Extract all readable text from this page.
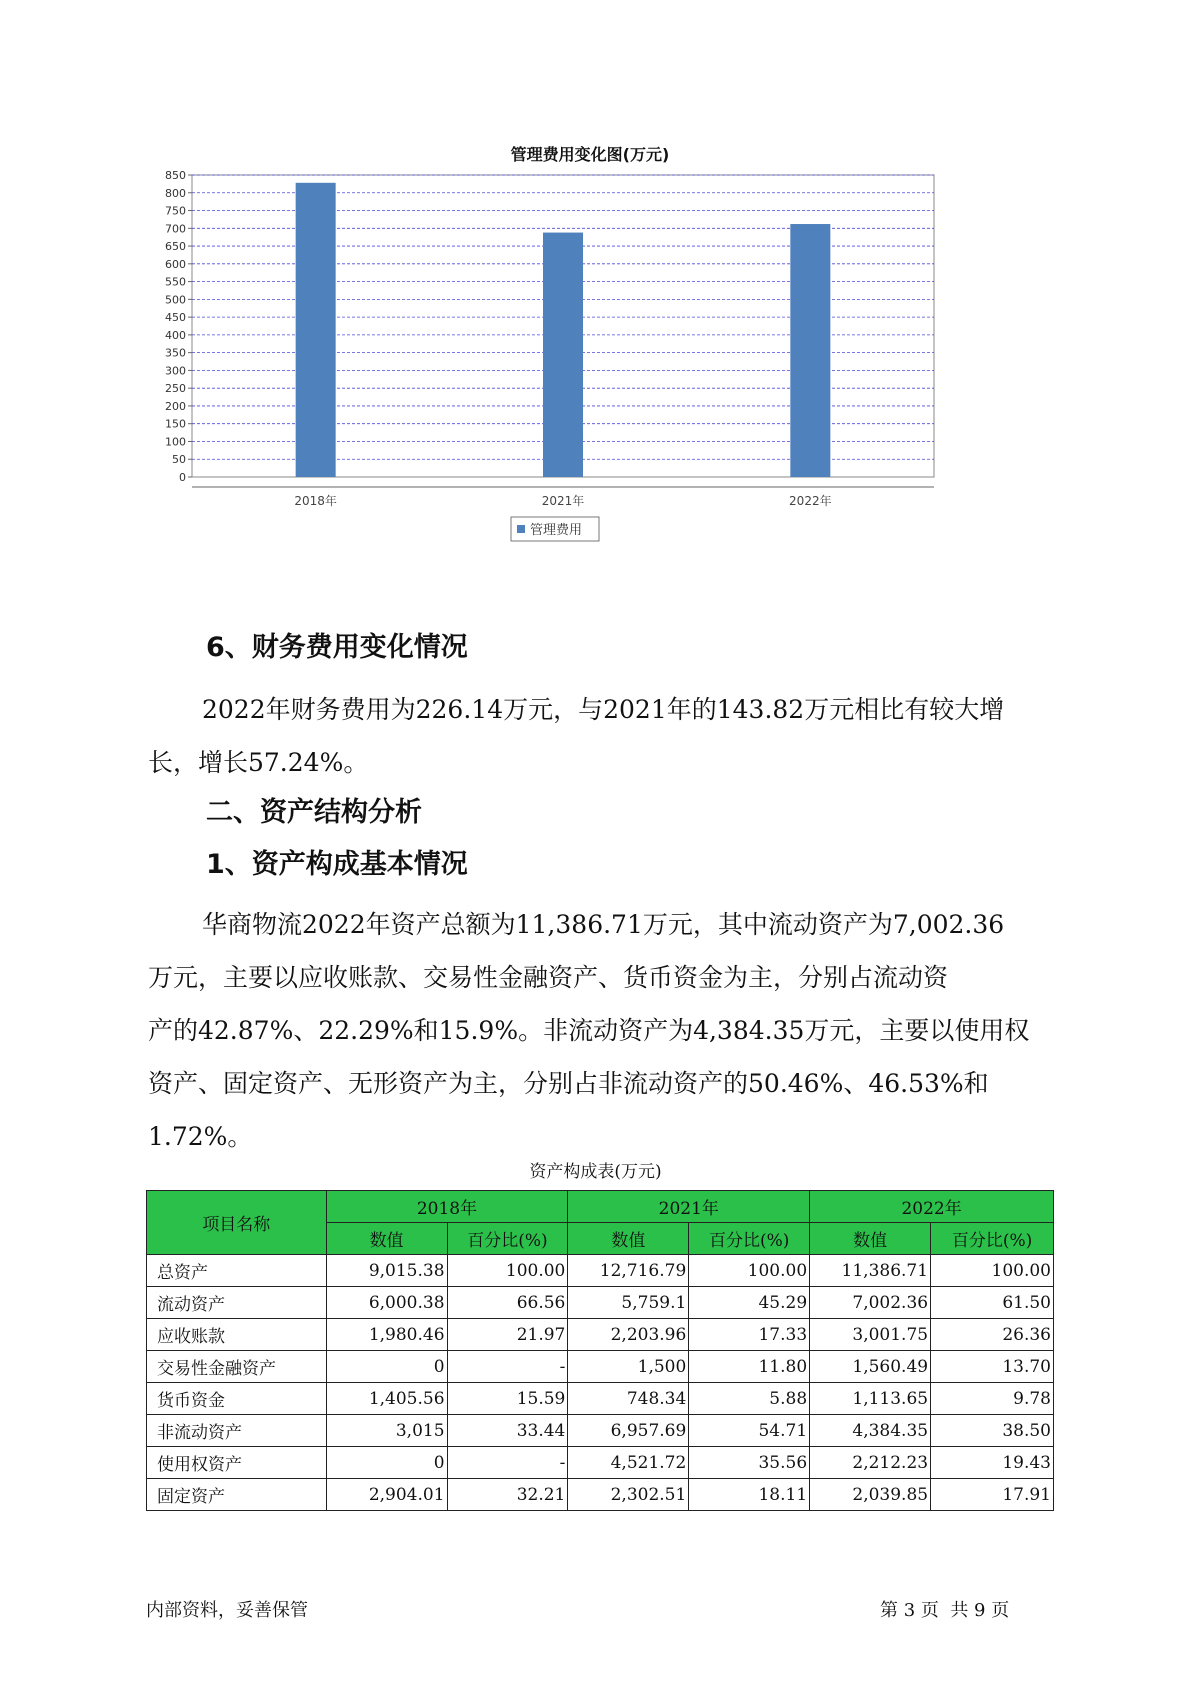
管理费用变化图(万元)
0
50
100
150
200
250
300
350
400
450
500
550
600
650
700
750
800
850
2018年	2021年	2022年
管理费用
6、财务费用变化情况

2022年财务费用为226.14万元，与2021年的143.82万元相比有较大增

长，增长57.24%。

二、资产结构分析
1、资产构成基本情况

华商物流2022年资产总额为11,386.71万元，其中流动资产为7,002.36

万元，主要以应收账款、交易性金融资产、货币资金为主，分别占流动资

产的42.87%、22.29%和15.9%。非流动资产为4,384.35万元，主要以使用权

资产、固定资产、无形资产为主，分别占非流动资产的50.46%、46.53%和

1.72%。

资产构成表(万元)
项目名称	2018年		2021年		2022年	
	数值	百分比(%)	数值	百分比(%)	数值	百分比(%)
总资产	9,015.38	100.00	12,716.79	100.00	11,386.71	100.00
流动资产	6,000.38	66.56	5,759.1	45.29	7,002.36	61.50
应收账款	1,980.46	21.97	2,203.96	17.33	3,001.75	26.36
交易性金融资产	0	-	1,500	11.80	1,560.49	13.70
货币资金	1,405.56	15.59	748.34	5.88	1,113.65	9.78
非流动资产	3,015	33.44	6,957.69	54.71	4,384.35	38.50
使用权资产	0	-	4,521.72	35.56	2,212.23	19.43
固定资产	2,904.01	32.21	2,302.51	18.11	2,039.85	17.91
内部资料，妥善保管	第 3 页  共 9 页
